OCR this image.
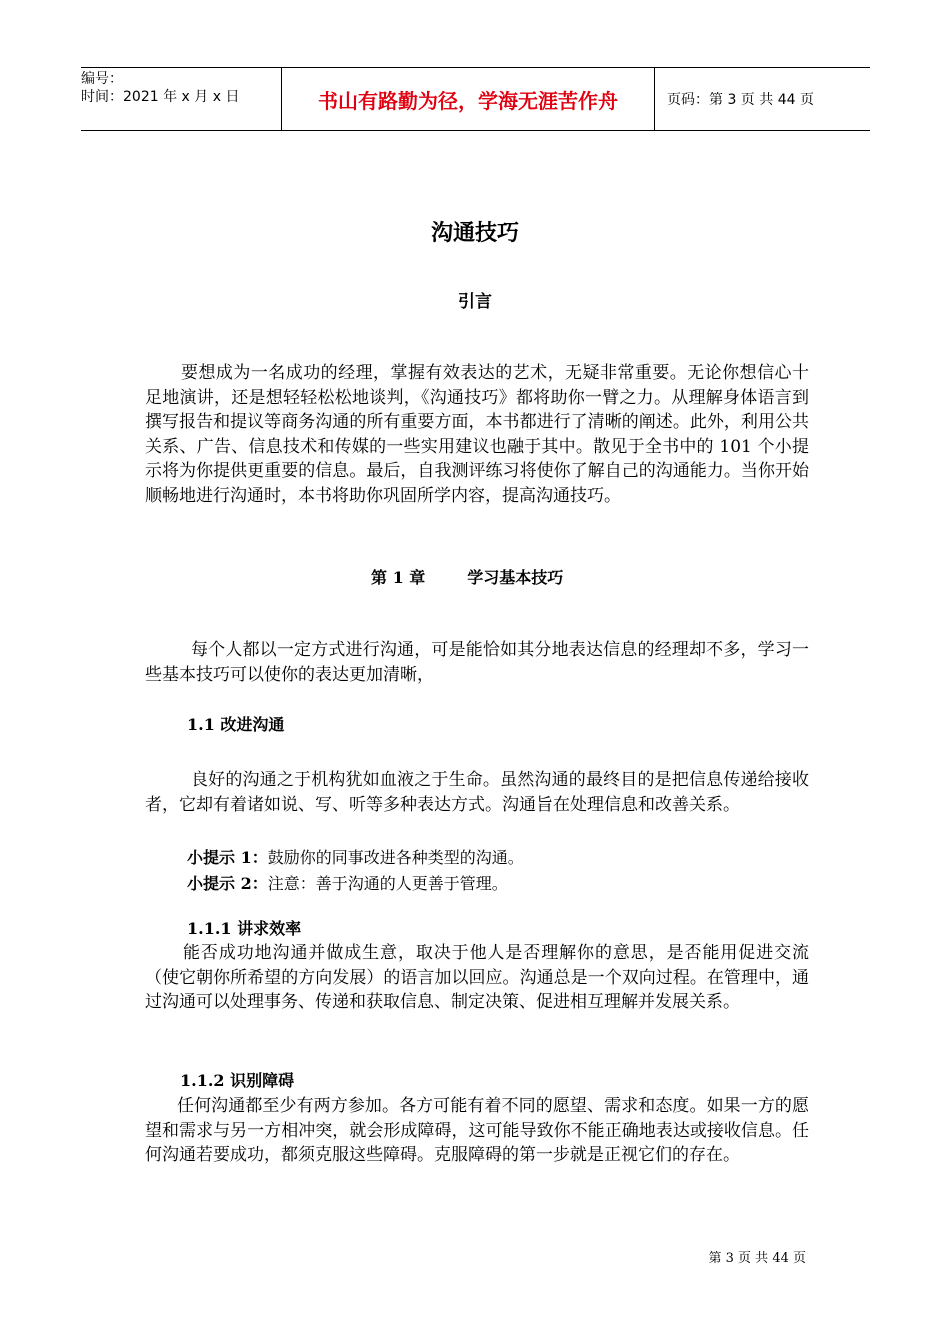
编号：
时间：2021 年 x 月 x 日	书山有路勤为径，学海无涯苦作舟	页码：第 3 页 共 44 页
沟通技巧
引言
要想成为一名成功的经理，掌握有效表达的艺术，无疑非常重要。无论你想信心十足地演讲，还是想轻轻松松地谈判，《沟通技巧》都将助你一臂之力。从理解身体语言到撰写报告和提议等商务沟通的所有重要方面，本书都进行了清晰的阐述。此外，利用公共关系、广告、信息技术和传媒的一些实用建议也融于其中。散见于全书中的 101 个小提示将为你提供更重要的信息。最后，自我测评练习将使你了解自己的沟通能力。当你开始顺畅地进行沟通时，本书将助你巩固所学内容，提高沟通技巧。
第 1 章	学习基本技巧
每个人都以一定方式进行沟通，可是能恰如其分地表达信息的经理却不多，学习一些基本技巧可以使你的表达更加清晰，
1.1 改进沟通
良好的沟通之于机构犹如血液之于生命。虽然沟通的最终目的是把信息传递给接收者，它却有着诸如说、写、听等多种表达方式。沟通旨在处理信息和改善关系。
小提示 1：鼓励你的同事改进各种类型的沟通。
小提示 2：注意：善于沟通的人更善于管理。
1.1.1 讲求效率
能否成功地沟通并做成生意，取决于他人是否理解你的意思，是否能用促进交流（使它朝你所希望的方向发展）的语言加以回应。沟通总是一个双向过程。在管理中，通过沟通可以处理事务、传递和获取信息、制定决策、促进相互理解并发展关系。
1.1.2 识别障碍
任何沟通都至少有两方参加。各方可能有着不同的愿望、需求和态度。如果一方的愿望和需求与另一方相冲突，就会形成障碍，这可能导致你不能正确地表达或接收信息。任何沟通若要成功，都须克服这些障碍。克服障碍的第一步就是正视它们的存在。
第 3 页 共 44 页
